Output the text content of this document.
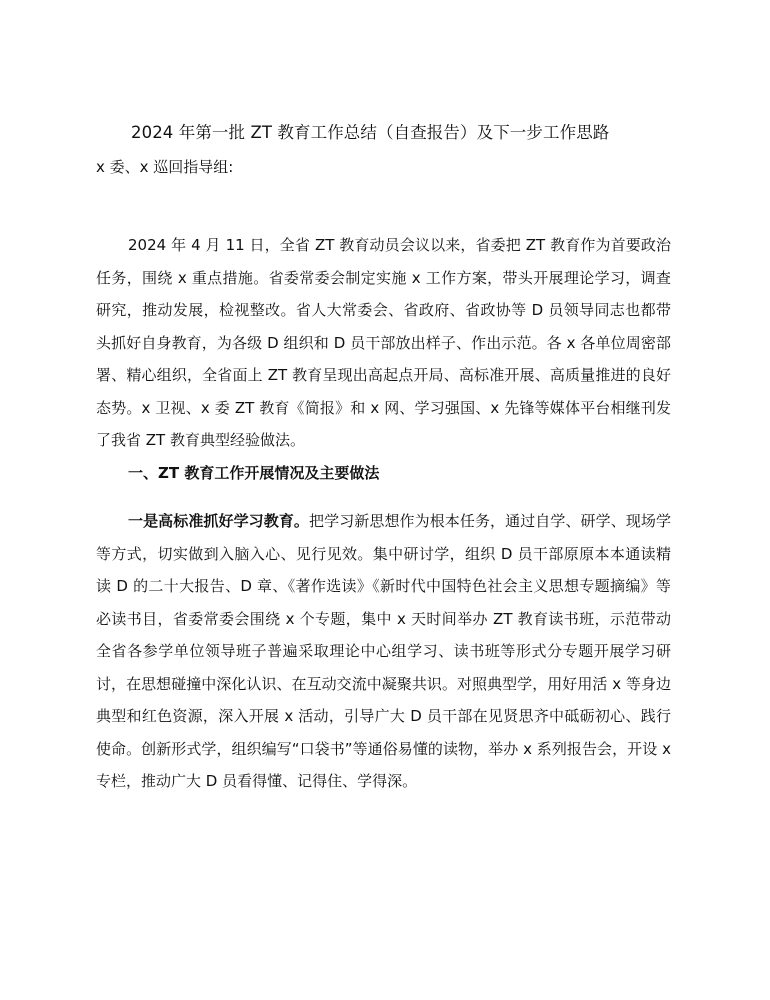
2024 年第一批 ZT 教育工作总结（自查报告）及下一步工作思路
x 委、x 巡回指导组:

2024 年 4 月 11 日，全省 ZT 教育动员会议以来，省委把 ZT 教育作为首要政治任务，围绕 x 重点措施。省委常委会制定实施 x 工作方案，带头开展理论学习，调查研究，推动发展，检视整改。省人大常委会、省政府、省政协等 D 员领导同志也都带头抓好自身教育，为各级 D 组织和 D 员干部放出样子、作出示范。各 x 各单位周密部署、精心组织，全省面上 ZT 教育呈现出高起点开局、高标准开展、高质量推进的良好态势。x 卫视、x 委 ZT 教育《简报》和 x 网、学习强国、x 先锋等媒体平台相继刊发了我省 ZT 教育典型经验做法。

一、ZT 教育工作开展情况及主要做法

一是高标准抓好学习教育。把学习新思想作为根本任务，通过自学、研学、现场学等方式，切实做到入脑入心、见行见效。集中研讨学，组织 D 员干部原原本本通读精读 D 的二十大报告、D 章、《著作选读》《新时代中国特色社会主义思想专题摘编》等必读书目，省委常委会围绕 x 个专题，集中 x 天时间举办 ZT 教育读书班，示范带动全省各参学单位领导班子普遍采取理论中心组学习、读书班等形式分专题开展学习研讨，在思想碰撞中深化认识、在互动交流中凝聚共识。对照典型学，用好用活 x 等身边典型和红色资源，深入开展 x 活动，引导广大 D 员干部在见贤思齐中砥砺初心、践行使命。创新形式学，组织编写“口袋书”等通俗易懂的读物，举办 x 系列报告会，开设 x 专栏，推动广大 D 员看得懂、记得住、学得深。
